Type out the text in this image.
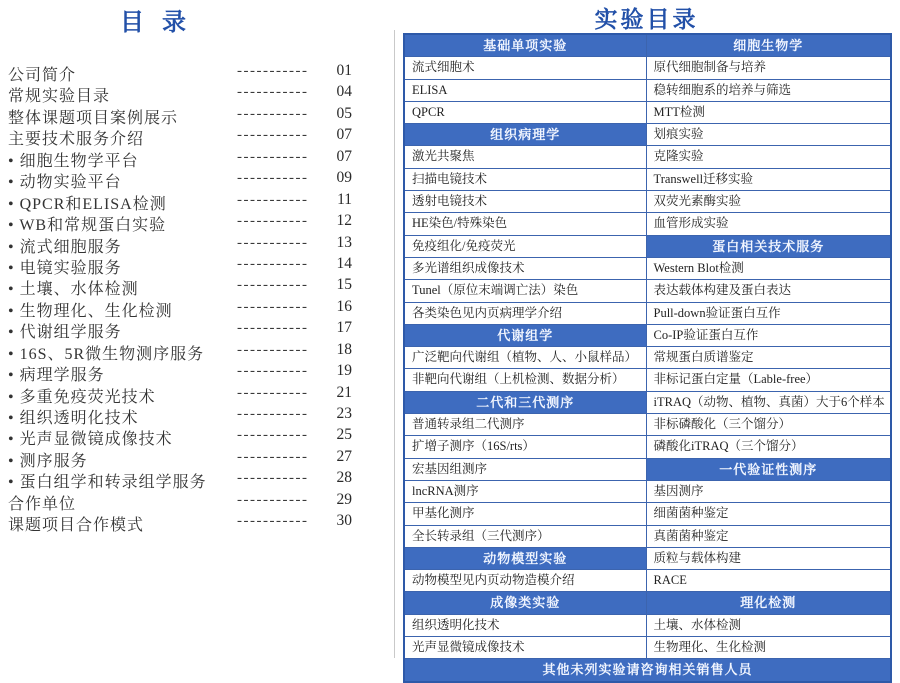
目 录
公司简介	-----------	01
常规实验目录	-----------	04
整体课题项目案例展示	-----------	05
主要技术服务介绍	-----------	07
• 细胞生物学平台	-----------	07
• 动物实验平台	-----------	09
• QPCR和ELISA检测	-----------	11
• WB和常规蛋白实验	-----------	12
• 流式细胞服务	-----------	13
• 电镜实验服务	-----------	14
• 土壤、水体检测	-----------	15
• 生物理化、生化检测	-----------	16
• 代谢组学服务	-----------	17
• 16S、5R微生物测序服务 -----------	18
• 病理学服务	-----------	19
• 多重免疫荧光技术	-----------	21
• 组织透明化技术	-----------	23
• 光声显微镜成像技术	-----------	25
• 测序服务	-----------	27
• 蛋白组学和转录组学服务 -----------	28
合作单位	-----------	29
课题项目合作模式	-----------	30
实验目录
基础单项实验	细胞生物学
流式细胞术	原代细胞制备与培养
ELISA	稳转细胞系的培养与筛选
QPCR	MTT检测
组织病理学	划痕实验
激光共聚焦	克隆实验
扫描电镜技术	Transwell迁移实验
透射电镜技术	双荧光素酶实验
HE染色/特殊染色	血管形成实验
免疫组化/免疫荧光	蛋白相关技术服务
多光谱组织成像技术	Western Blot检测
Tunel（原位末端调亡法）染色	表达载体构建及蛋白表达
各类染色见内页病理学介绍	Pull-down验证蛋白互作
代谢组学	Co-IP验证蛋白互作
广泛靶向代谢组（植物、人、小鼠样品）	常规蛋白质谱鉴定
非靶向代谢组（上机检测、数据分析）	非标记蛋白定量（Lable-free）
二代和三代测序	iTRAQ（动物、植物、真菌）大于6个样本
普通转录组二代测序	非标磷酸化（三个馏分）
扩增子测序（16S/rts）	磷酸化iTRAQ（三个馏分）
宏基因组测序	一代验证性测序
lncRNA测序	基因测序
甲基化测序	细菌菌种鉴定
全长转录组（三代测序）	真菌菌种鉴定
动物模型实验	质粒与载体构建
动物模型见内页动物造模介绍	RACE
成像类实验	理化检测
组织透明化技术	土壤、水体检测
光声显微镜成像技术	生物理化、生化检测
其他未列实验请咨询相关销售人员	
